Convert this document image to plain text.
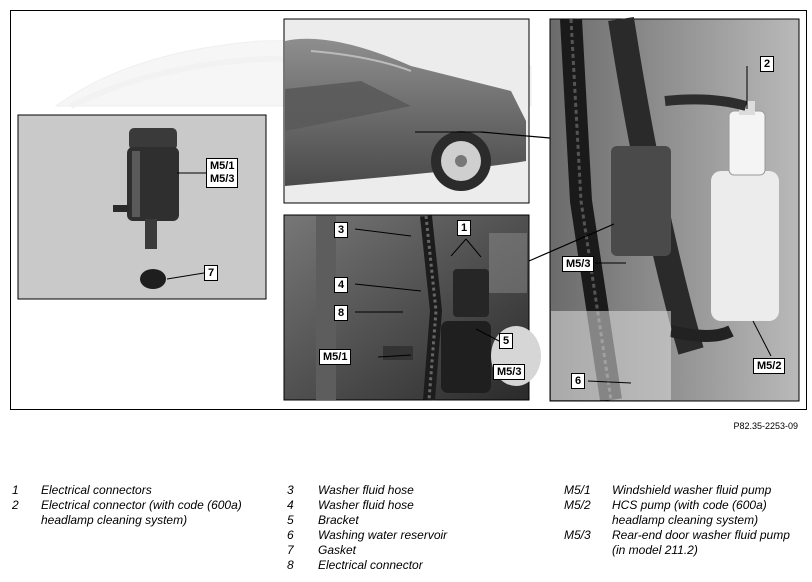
M5/1
M5/3
7
3
4
8
M5/1
1
5
M5/3
2
M5/3
6
M5/2
P82.35-2253-09
1	Electrical connectors
2	Electrical connector (with code (600a) headlamp cleaning system)
3	Washer fluid hose
4	Washer fluid hose
5	Bracket
6	Washing water reservoir
7	Gasket
8	Electrical connector
M5/1	Windshield washer fluid pump
M5/2	HCS pump (with code (600a) headlamp cleaning system)
M5/3	Rear-end door washer fluid pump (in model 211.2)
